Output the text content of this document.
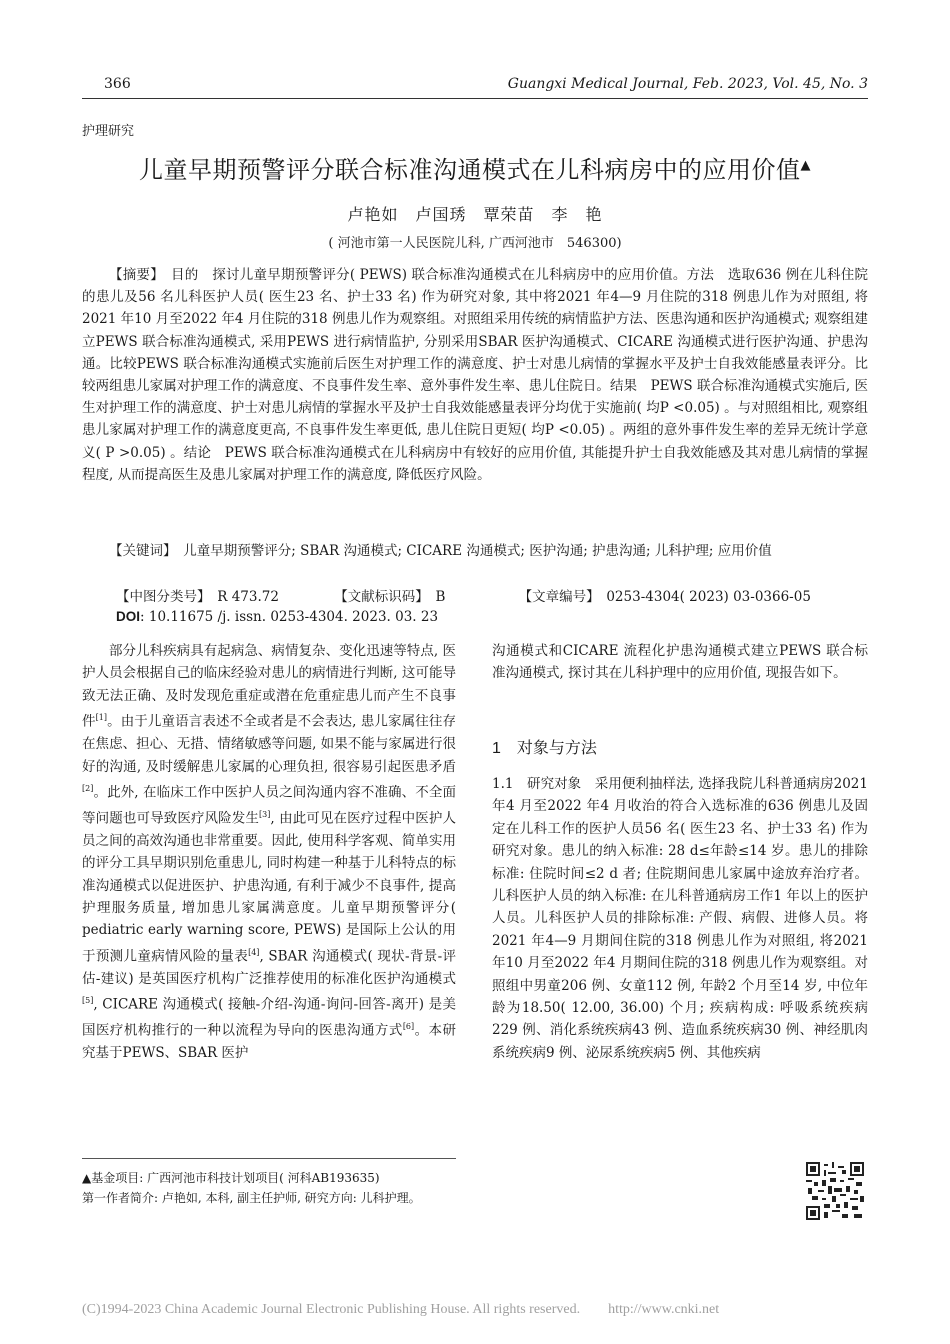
366	Guangxi Medical Journal, Feb. 2023, Vol. 45, No. 3
护理研究
儿童早期预警评分联合标准沟通模式在儿科病房中的应用价值▲
卢艳如　卢国琇　覃荣苗　李　艳
( 河池市第一人民医院儿科, 广西河池市　546300)

【摘要】　目的　探讨儿童早期预警评分( PEWS) 联合标准沟通模式在儿科病房中的应用价值。方法　选取636 例在儿科住院的患儿及56 名儿科医护人员( 医生23 名、护士33 名) 作为研究对象, 其中将2021 年4—9 月住院的318 例患儿作为对照组, 将2021 年10 月至2022 年4 月住院的318 例患儿作为观察组。对照组采用传统的病情监护方法、医患沟通和医护沟通模式; 观察组建立PEWS 联合标准沟通模式, 采用PEWS 进行病情监护, 分别采用SBAR 医护沟通模式、CICARE 沟通模式进行医护沟通、护患沟通。比较PEWS 联合标准沟通模式实施前后医生对护理工作的满意度、护士对患儿病情的掌握水平及护士自我效能感量表评分。比较两组患儿家属对护理工作的满意度、不良事件发生率、意外事件发生率、患儿住院日。结果　PEWS 联合标准沟通模式实施后, 医生对护理工作的满意度、护士对患儿病情的掌握水平及护士自我效能感量表评分均优于实施前( 均P <0.05) 。与对照组相比, 观察组患儿家属对护理工作的满意度更高, 不良事件发生率更低, 患儿住院日更短( 均P <0.05) 。两组的意外事件发生率的差异无统计学意义( P >0.05) 。结论　PEWS 联合标准沟通模式在儿科病房中有较好的应用价值, 其能提升护士自我效能感及其对患儿病情的掌握程度, 从而提高医生及患儿家属对护理工作的满意度, 降低医疗风险。

【关键词】　儿童早期预警评分; SBAR 沟通模式; CICARE 沟通模式; 医护沟通; 护患沟通; 儿科护理; 应用价值
【中图分类号】　R 473.72	【文献标识码】　B	【文章编号】　0253-4304( 2023) 03-0366-05
DOI: 10.11675 /j. issn. 0253-4304. 2023. 03. 23

部分儿科疾病具有起病急、病情复杂、变化迅速等特点, 医护人员会根据自己的临床经验对患儿的病情进行判断, 这可能导致无法正确、及时发现危重症或潜在危重症患儿而产生不良事件[1]。由于儿童语言表述不全或者是不会表达, 患儿家属往往存在焦虑、担心、无措、情绪敏感等问题, 如果不能与家属进行很好的沟通, 及时缓解患儿家属的心理负担, 很容易引起医患矛盾[2]。此外, 在临床工作中医护人员之间沟通内容不准确、不全面等问题也可导致医疗风险发生[3], 由此可见在医疗过程中医护人员之间的高效沟通也非常重要。因此, 使用科学客观、简单实用的评分工具早期识别危重患儿, 同时构建一种基于儿科特点的标准沟通模式以促进医护、护患沟通, 有利于减少不良事件, 提高护理服务质量, 增加患儿家属满意度。儿童早期预警评分( pediatric early warning score, PEWS) 是国际上公认的用于预测儿童病情风险的量表[4], SBAR 沟通模式( 现状-背景-评估-建议) 是英国医疗机构广泛推荐使用的标准化医护沟通模式[5], CICARE 沟通模式( 接触-介绍-沟通-询问-回答-离开) 是美国医疗机构推行的一种以流程为导向的医患沟通方式[6]。本研究基于PEWS、SBAR 医护

沟通模式和CICARE 流程化护患沟通模式建立PEWS 联合标准沟通模式, 探讨其在儿科护理中的应用价值, 现报告如下。

1　对象与方法
1.1　研究对象　采用便利抽样法, 选择我院儿科普通病房2021 年4 月至2022 年4 月收治的符合入选标准的636 例患儿及固定在儿科工作的医护人员56 名( 医生23 名、护士33 名) 作为研究对象。患儿的纳入标准: 28 d≤年龄≤14 岁。患儿的排除标准: 住院时间≤2 d 者; 住院期间患儿家属中途放弃治疗者。儿科医护人员的纳入标准: 在儿科普通病房工作1 年以上的医护人员。儿科医护人员的排除标准: 产假、病假、进修人员。将2021 年4—9 月期间住院的318 例患儿作为对照组, 将2021 年10 月至2022 年4 月期间住院的318 例患儿作为观察组。对照组中男童206 例、女童112 例, 年龄2 个月至14 岁, 中位年龄为18.50( 12.00, 36.00) 个月; 疾病构成: 呼吸系统疾病229 例、消化系统疾病43 例、造血系统疾病30 例、神经肌肉系统疾病9 例、泌尿系统疾病5 例、其他疾病
▲基金项目: 广西河池市科技计划项目( 河科AB193635)
第一作者简介: 卢艳如, 本科, 副主任护师, 研究方向: 儿科护理。
(C)1994-2023 China Academic Journal Electronic Publishing House. All rights reserved.　　http://www.cnki.net
